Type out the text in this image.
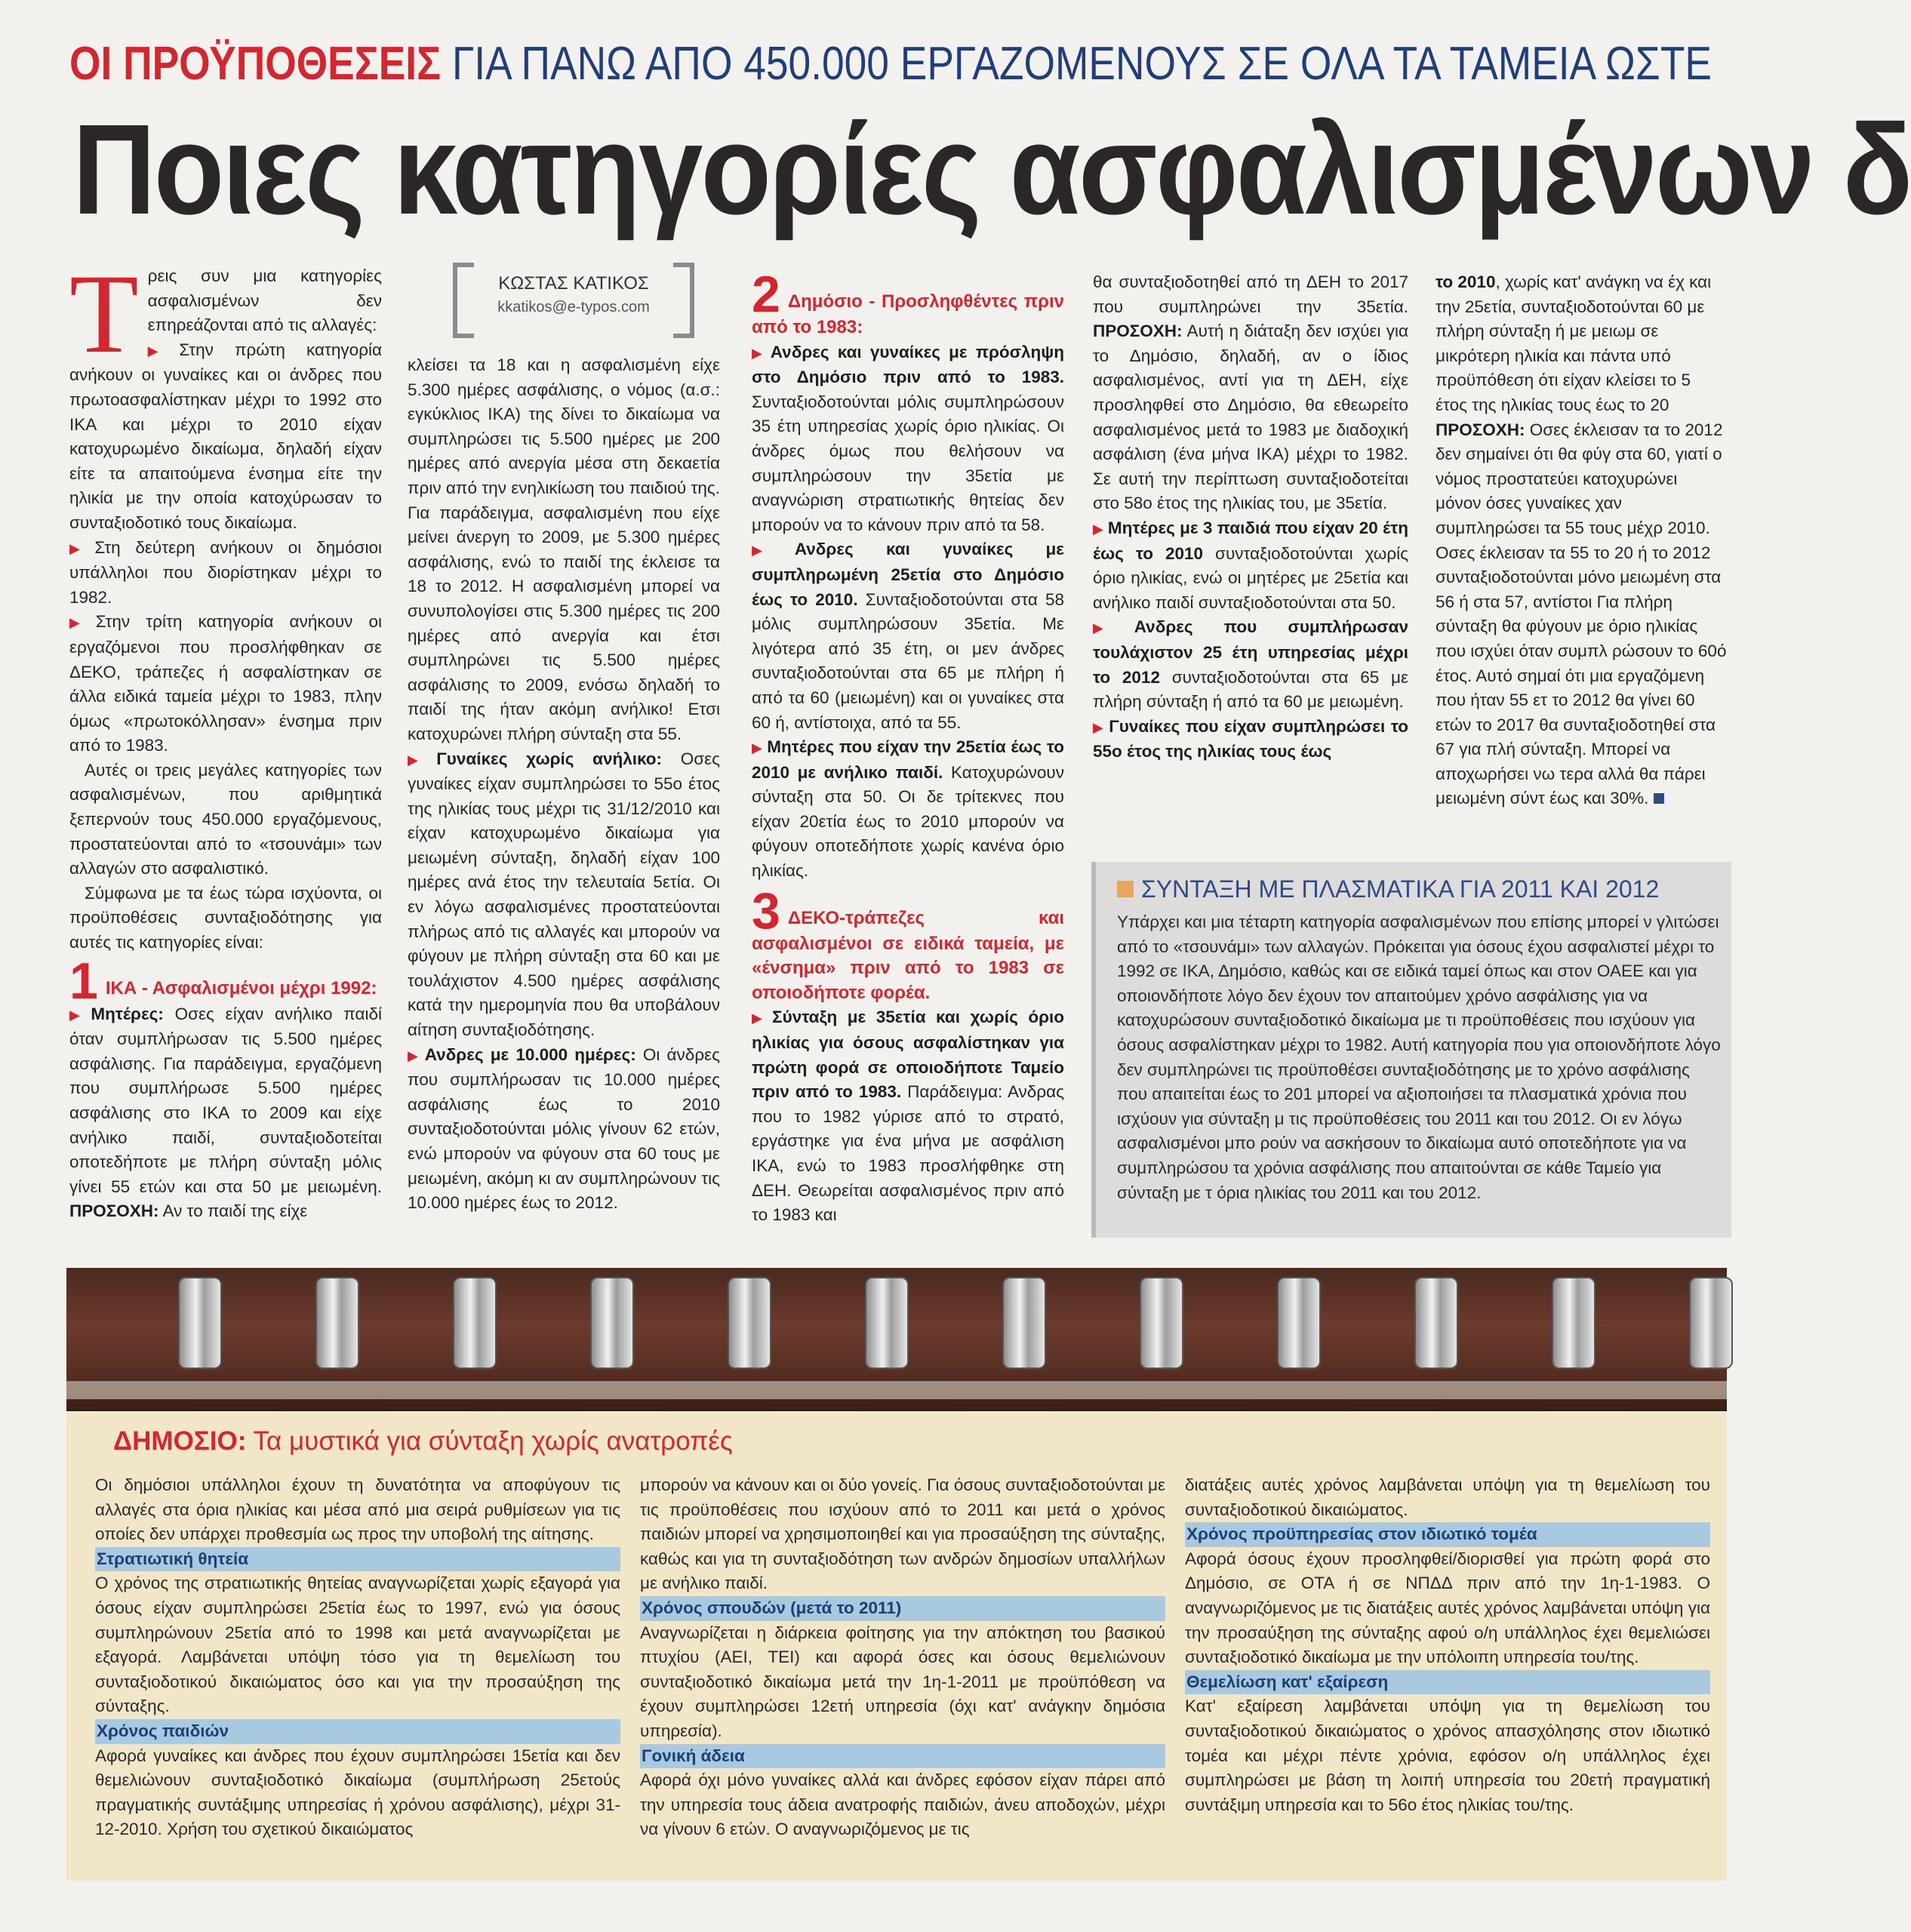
ΟΙ ΠΡΟΫΠΟΘΕΣΕΙΣ ΓΙΑ ΠΑΝΩ ΑΠΟ 450.000 ΕΡΓΑΖΟΜΕΝΟΥΣ ΣΕ ΟΛΑ ΤΑ ΤΑΜΕΙΑ ΩΣΤΕ
Ποιες κατηγορίες ασφαλισμένων δ

Τρεις συν μια κατηγορίες ασφαλισμένων δεν επηρεάζονται από τις αλλαγές:

▶ Στην πρώτη κατηγορία ανήκουν οι γυναίκες και οι άνδρες που πρωτοασφαλίστηκαν μέχρι το 1992 στο ΙΚΑ και μέχρι το 2010 είχαν κατοχυρωμένο δικαίωμα, δηλαδή είχαν είτε τα απαιτούμενα ένσημα είτε την ηλικία με την οποία κατοχύρωσαν το συνταξιοδοτικό τους δικαίωμα.

▶ Στη δεύτερη ανήκουν οι δημόσιοι υπάλληλοι που διορίστηκαν μέχρι το 1982.

▶ Στην τρίτη κατηγορία ανήκουν οι εργαζόμενοι που προσλήφθηκαν σε ΔΕΚΟ, τράπεζες ή ασφαλίστηκαν σε άλλα ειδικά ταμεία μέχρι το 1983, πλην όμως «πρωτοκόλλησαν» ένσημα πριν από το 1983.

Αυτές οι τρεις μεγάλες κατηγορίες των ασφαλισμένων, που αριθμητικά ξεπερνούν τους 450.000 εργαζόμενους, προστατεύονται από το «τσουνάμι» των αλλαγών στο ασφαλιστικό.

Σύμφωνα με τα έως τώρα ισχύοντα, οι προϋποθέσεις συνταξιοδότησης για αυτές τις κατηγορίες είναι:

1 ΙΚΑ - Ασφαλισμένοι μέχρι 1992:

▶ Μητέρες: Οσες είχαν ανήλικο παιδί όταν συμπλήρωσαν τις 5.500 ημέρες ασφάλισης. Για παράδειγμα, εργαζόμενη που συμπλήρωσε 5.500 ημέρες ασφάλισης στο ΙΚΑ το 2009 και είχε ανήλικο παιδί, συνταξιοδοτείται οποτεδήποτε με πλήρη σύνταξη μόλις γίνει 55 ετών και στα 50 με μειωμένη. ΠΡΟΣΟΧΗ: Αν το παιδί της είχε

ΚΩΣΤΑΣ ΚΑΤΙΚΟΣ
kkatikos@e-typos.com

κλείσει τα 18 και η ασφαλισμένη είχε 5.300 ημέρες ασφάλισης, ο νόμος (α.σ.: εγκύκλιος ΙΚΑ) της δίνει το δικαίωμα να συμπληρώσει τις 5.500 ημέρες με 200 ημέρες από ανεργία μέσα στη δεκαετία πριν από την ενηλικίωση του παιδιού της. Για παράδειγμα, ασφαλισμένη που είχε μείνει άνεργη το 2009, με 5.300 ημέρες ασφάλισης, ενώ το παιδί της έκλεισε τα 18 το 2012. Η ασφαλισμένη μπορεί να συνυπολογίσει στις 5.300 ημέρες τις 200 ημέρες από ανεργία και έτσι συμπληρώνει τις 5.500 ημέρες ασφάλισης το 2009, ενόσω δηλαδή το παιδί της ήταν ακόμη ανήλικο! Ετσι κατοχυρώνει πλήρη σύνταξη στα 55.

▶ Γυναίκες χωρίς ανήλικο: Οσες γυναίκες είχαν συμπληρώσει το 55ο έτος της ηλικίας τους μέχρι τις 31/12/2010 και είχαν κατοχυρωμένο δικαίωμα για μειωμένη σύνταξη, δηλαδή είχαν 100 ημέρες ανά έτος την τελευταία 5ετία. Οι εν λόγω ασφαλισμένες προστατεύονται πλήρως από τις αλλαγές και μπορούν να φύγουν με πλήρη σύνταξη στα 60 και με τουλάχιστον 4.500 ημέρες ασφάλισης κατά την ημερομηνία που θα υποβάλουν αίτηση συνταξιοδότησης.

▶ Ανδρες με 10.000 ημέρες: Οι άνδρες που συμπλήρωσαν τις 10.000 ημέρες ασφάλισης έως το 2010 συνταξιοδοτούνται μόλις γίνουν 62 ετών, ενώ μπορούν να φύγουν στα 60 τους με μειωμένη, ακόμη κι αν συμπληρώνουν τις 10.000 ημέρες έως το 2012.

2 Δημόσιο - Προσληφθέντες πριν από το 1983:

▶ Ανδρες και γυναίκες με πρόσληψη στο Δημόσιο πριν από το 1983. Συνταξιοδοτούνται μόλις συμπληρώσουν 35 έτη υπηρεσίας χωρίς όριο ηλικίας. Οι άνδρες όμως που θελήσουν να συμπληρώσουν την 35ετία με αναγνώριση στρατιωτικής θητείας δεν μπορούν να το κάνουν πριν από τα 58.

▶ Ανδρες και γυναίκες με συμπληρωμένη 25ετία στο Δημόσιο έως το 2010. Συνταξιοδοτούνται στα 58 μόλις συμπληρώσουν 35ετία. Με λιγότερα από 35 έτη, οι μεν άνδρες συνταξιοδοτούνται στα 65 με πλήρη ή από τα 60 (μειωμένη) και οι γυναίκες στα 60 ή, αντίστοιχα, από τα 55.

▶ Μητέρες που είχαν την 25ετία έως το 2010 με ανήλικο παιδί. Κατοχυρώνουν σύνταξη στα 50. Οι δε τρίτεκνες που είχαν 20ετία έως το 2010 μπορούν να φύγουν οποτεδήποτε χωρίς κανένα όριο ηλικίας.

3 ΔΕΚΟ-τράπεζες και ασφαλισμένοι σε ειδικά ταμεία, με «ένσημα» πριν από το 1983 σε οποιοδήποτε φορέα.

▶ Σύνταξη με 35ετία και χωρίς όριο ηλικίας για όσους ασφαλίστηκαν για πρώτη φορά σε οποιοδήποτε Ταμείο πριν από το 1983. Παράδειγμα: Ανδρας που το 1982 γύρισε από το στρατό, εργάστηκε για ένα μήνα με ασφάλιση ΙΚΑ, ενώ το 1983 προσλήφθηκε στη ΔΕΗ. Θεωρείται ασφαλισμένος πριν από το 1983 και

θα συνταξιοδοτηθεί από τη ΔΕΗ το 2017 που συμπληρώνει την 35ετία. ΠΡΟΣΟΧΗ: Αυτή η διάταξη δεν ισχύει για το Δημόσιο, δηλαδή, αν ο ίδιος ασφαλισμένος, αντί για τη ΔΕΗ, είχε προσληφθεί στο Δημόσιο, θα εθεωρείτο ασφαλισμένος μετά το 1983 με διαδοχική ασφάλιση (ένα μήνα ΙΚΑ) μέχρι το 1982. Σε αυτή την περίπτωση συνταξιοδοτείται στο 58ο έτος της ηλικίας του, με 35ετία.

▶ Μητέρες με 3 παιδιά που είχαν 20 έτη έως το 2010 συνταξιοδοτούνται χωρίς όριο ηλικίας, ενώ οι μητέρες με 25ετία και ανήλικο παιδί συνταξιοδοτούνται στα 50.

▶ Ανδρες που συμπλήρωσαν τουλάχιστον 25 έτη υπηρεσίας μέχρι το 2012 συνταξιοδοτούνται στα 65 με πλήρη σύνταξη ή από τα 60 με μειωμένη.

▶ Γυναίκες που είχαν συμπληρώσει το 55ο έτος της ηλικίας τους έως

το 2010, χωρίς κατ' ανάγκη να έχ και την 25ετία, συνταξιοδοτούνται 60 με πλήρη σύνταξη ή με μειωμ σε μικρότερη ηλικία και πάντα υπό προϋπόθεση ότι είχαν κλείσει το 5 έτος της ηλικίας τους έως το 20

ΠΡΟΣΟΧΗ: Οσες έκλεισαν τα το 2012 δεν σημαίνει ότι θα φύγ στα 60, γιατί ο νόμος προστατεύει κατοχυρώνει μόνον όσες γυναίκες χαν συμπληρώσει τα 55 τους μέχρ 2010. Οσες έκλεισαν τα 55 το 20 ή το 2012 συνταξιοδοτούνται μόνο μειωμένη στα 56 ή στα 57, αντίστοι Για πλήρη σύνταξη θα φύγουν με όριο ηλικίας που ισχύει όταν συμπλ ρώσουν το 60ό έτος. Αυτό σημαί ότι μια εργαζόμενη που ήταν 55 ετ το 2012 θα γίνει 60 ετών το 2017 θα συνταξιοδοτηθεί στα 67 για πλή σύνταξη. Μπορεί να αποχωρήσει νω τερα αλλά θα πάρει μειωμένη σύντ έως και 30%.

ΣΥΝΤΑΞΗ ΜΕ ΠΛΑΣΜΑΤΙΚΑ ΓΙΑ 2011 ΚΑΙ 2012
Υπάρχει και μια τέταρτη κατηγορία ασφαλισμένων που επίσης μπορεί ν γλιτώσει από το «τσουνάμι» των αλλαγών. Πρόκειται για όσους έχου ασφαλιστεί μέχρι το 1992 σε ΙΚΑ, Δημόσιο, καθώς και σε ειδικά ταμεί όπως και στον ΟΑΕΕ και για οποιονδήποτε λόγο δεν έχουν τον απαιτούμεν χρόνο ασφάλισης για να κατοχυρώσουν συνταξιοδοτικό δικαίωμα με τι προϋποθέσεις που ισχύουν για όσους ασφαλίστηκαν μέχρι το 1982. Αυτή κατηγορία που για οποιονδήποτε λόγο δεν συμπληρώνει τις προϋποθέσει συνταξιοδότησης με το χρόνο ασφάλισης που απαιτείται έως το 201 μπορεί να αξιοποιήσει τα πλασματικά χρόνια που ισχύουν για σύνταξη μ τις προϋποθέσεις του 2011 και του 2012. Οι εν λόγω ασφαλισμένοι μπο ρούν να ασκήσουν το δικαίωμα αυτό οποτεδήποτε για να συμπληρώσου τα χρόνια ασφάλισης που απαιτούνται σε κάθε Ταμείο για σύνταξη με τ όρια ηλικίας του 2011 και του 2012.
ΔΗΜΟΣΙΟ: Τα μυστικά για σύνταξη χωρίς ανατροπές
Οι δημόσιοι υπάλληλοι έχουν τη δυνατότητα να αποφύγουν τις αλλαγές στα όρια ηλικίας και μέσα από μια σειρά ρυθμίσεων για τις οποίες δεν υπάρχει προθεσμία ως προς την υποβολή της αίτησης.
Στρατιωτική θητεία
Ο χρόνος της στρατιωτικής θητείας αναγνωρίζεται χωρίς εξαγορά για όσους είχαν συμπληρώσει 25ετία έως το 1997, ενώ για όσους συμπληρώνουν 25ετία από το 1998 και μετά αναγνωρίζεται με εξαγορά. Λαμβάνεται υπόψη τόσο για τη θεμελίωση του συνταξιοδοτικού δικαιώματος όσο και για την προσαύξηση της σύνταξης.
Χρόνος παιδιών
Αφορά γυναίκες και άνδρες που έχουν συμπληρώσει 15ετία και δεν θεμελιώνουν συνταξιοδοτικό δικαίωμα (συμπλήρωση 25ετούς πραγματικής συντάξιμης υπηρεσίας ή χρόνου ασφάλισης), μέχρι 31-12-2010. Χρήση του σχετικού δικαιώματος
μπορούν να κάνουν και οι δύο γονείς. Για όσους συνταξιοδοτούνται με τις προϋποθέσεις που ισχύουν από το 2011 και μετά ο χρόνος παιδιών μπορεί να χρησιμοποιηθεί και για προσαύξηση της σύνταξης, καθώς και για τη συνταξιοδότηση των ανδρών δημοσίων υπαλλήλων με ανήλικο παιδί.
Χρόνος σπουδών (μετά το 2011)
Αναγνωρίζεται η διάρκεια φοίτησης για την απόκτηση του βασικού πτυχίου (ΑΕΙ, ΤΕΙ) και αφορά όσες και όσους θεμελιώνουν συνταξιοδοτικό δικαίωμα μετά την 1η-1-2011 με προϋπόθεση να έχουν συμπληρώσει 12ετή υπηρεσία (όχι κατ' ανάγκην δημόσια υπηρεσία).
Γονική άδεια
Αφορά όχι μόνο γυναίκες αλλά και άνδρες εφόσον είχαν πάρει από την υπηρεσία τους άδεια ανατροφής παιδιών, άνευ αποδοχών, μέχρι να γίνουν 6 ετών. Ο αναγνωριζόμενος με τις
διατάξεις αυτές χρόνος λαμβάνεται υπόψη για τη θεμελίωση του συνταξιοδοτικού δικαιώματος.
Χρόνος προϋπηρεσίας στον ιδιωτικό τομέα
Αφορά όσους έχουν προσληφθεί/διορισθεί για πρώτη φορά στο Δημόσιο, σε ΟΤΑ ή σε ΝΠΔΔ πριν από την 1η-1-1983. Ο αναγνωριζόμενος με τις διατάξεις αυτές χρόνος λαμβάνεται υπόψη για την προσαύξηση της σύνταξης αφού ο/η υπάλληλος έχει θεμελιώσει συνταξιοδοτικό δικαίωμα με την υπόλοιπη υπηρεσία του/της.
Θεμελίωση κατ' εξαίρεση
Κατ' εξαίρεση λαμβάνεται υπόψη για τη θεμελίωση του συνταξιοδοτικού δικαιώματος ο χρόνος απασχόλησης στον ιδιωτικό τομέα και μέχρι πέντε χρόνια, εφόσον ο/η υπάλληλος έχει συμπληρώσει με βάση τη λοιπή υπηρεσία του 20ετή πραγματική συντάξιμη υπηρεσία και το 56ο έτος ηλικίας του/της.
